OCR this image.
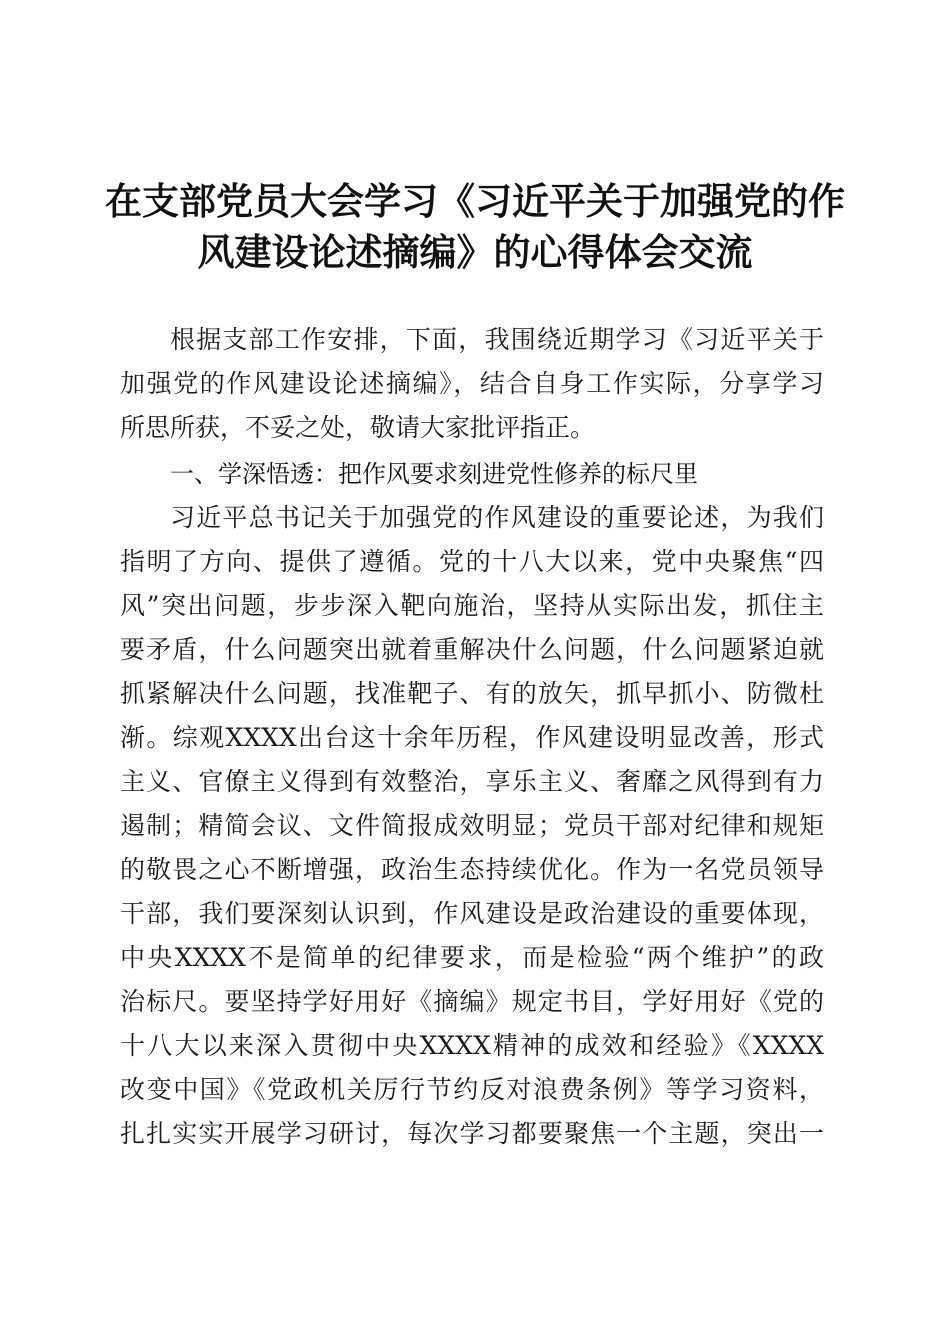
在支部党员大会学习《习近平关于加强党的作
风建设论述摘编》的心得体会交流
根据支部工作安排，下面，我围绕近期学习《习近平关于
加强党的作风建设论述摘编》，结合自身工作实际，分享学习
所思所获，不妥之处，敬请大家批评指正。
一、学深悟透：把作风要求刻进党性修养的标尺里
习近平总书记关于加强党的作风建设的重要论述，为我们
指明了方向、提供了遵循。党的十八大以来，党中央聚焦“四
风”突出问题，步步深入靶向施治，坚持从实际出发，抓住主
要矛盾，什么问题突出就着重解决什么问题，什么问题紧迫就
抓紧解决什么问题，找准靶子、有的放矢，抓早抓小、防微杜
渐。综观XXXX出台这十余年历程，作风建设明显改善，形式
主义、官僚主义得到有效整治，享乐主义、奢靡之风得到有力
遏制；精简会议、文件简报成效明显；党员干部对纪律和规矩
的敬畏之心不断增强，政治生态持续优化。作为一名党员领导
干部，我们要深刻认识到，作风建设是政治建设的重要体现，
中央XXXX不是简单的纪律要求，而是检验“两个维护”的政
治标尺。要坚持学好用好《摘编》规定书目，学好用好《党的
十八大以来深入贯彻中央XXXX精神的成效和经验》《XXXX
改变中国》《党政机关厉行节约反对浪费条例》等学习资料，
扎扎实实开展学习研讨，每次学习都要聚焦一个主题，突出一
